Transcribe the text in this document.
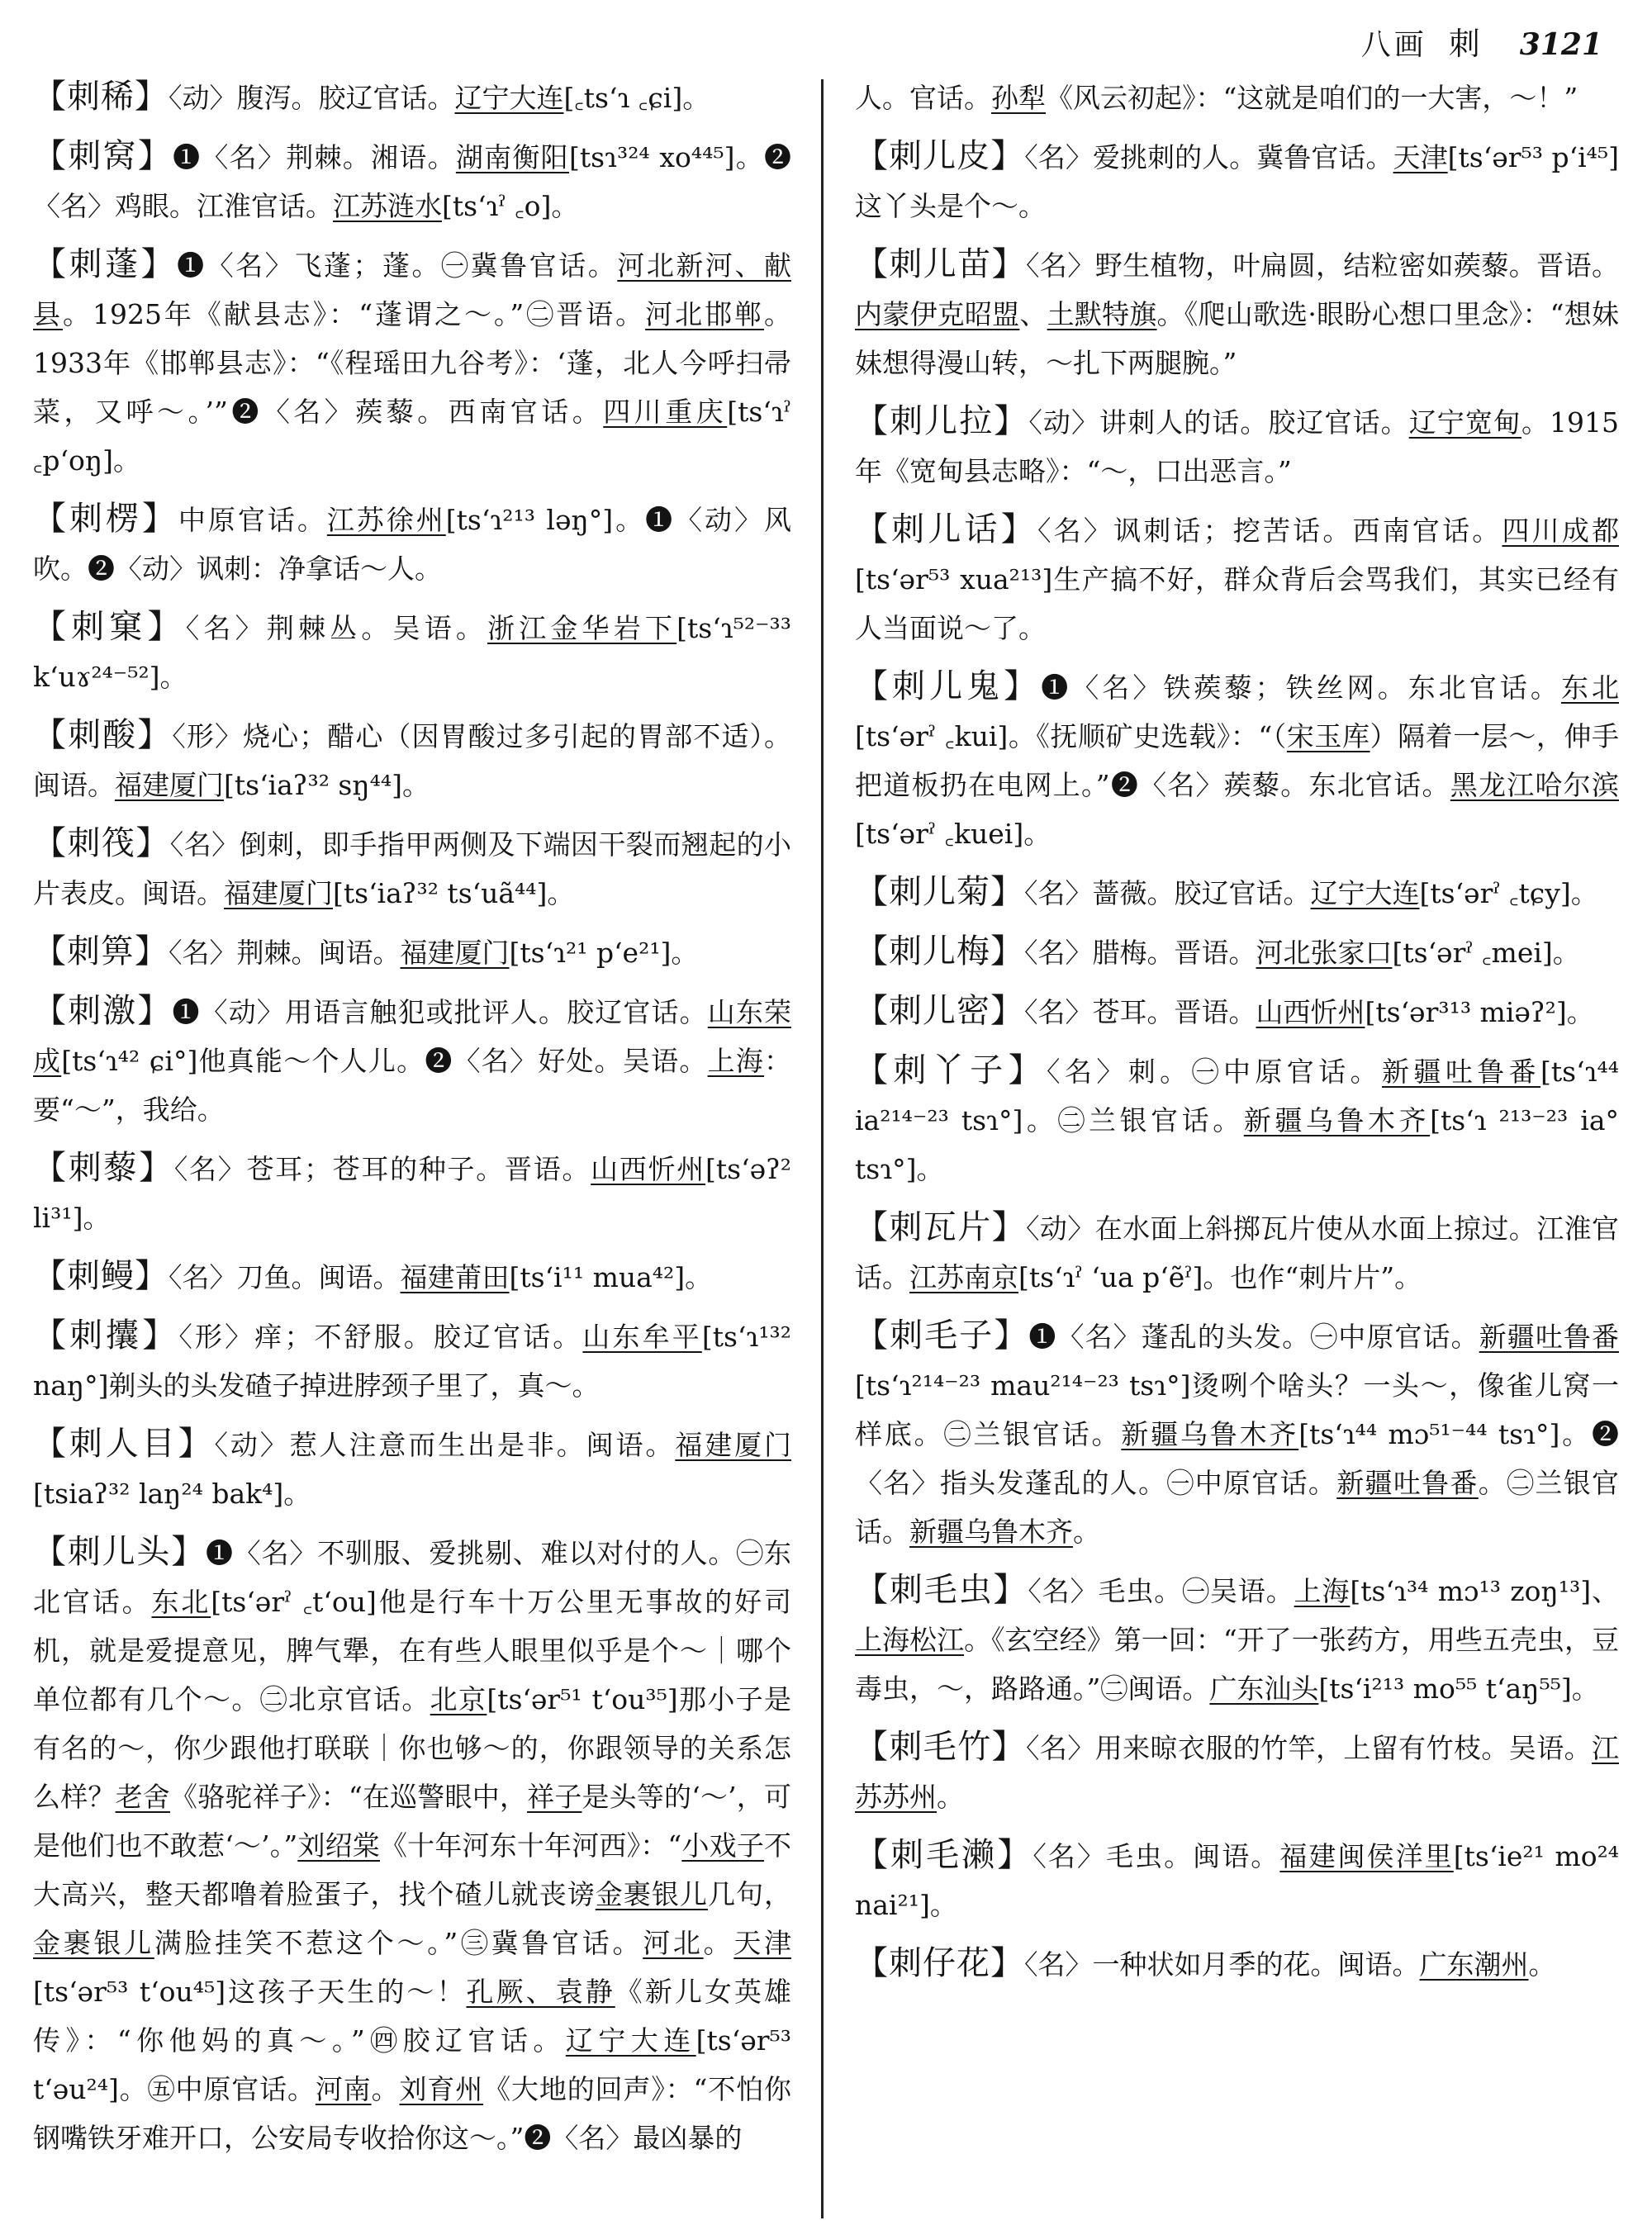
八画 刺 3121
【刺稀】〈动〉腹泻。胶辽官话。辽宁大连[꜀tsʻɿ ꜀ɕi]。
【刺窝】❶〈名〉荆棘。湘语。湖南衡阳[tsɿ³²⁴ xo⁴⁴⁵]。❷〈名〉鸡眼。江淮官话。江苏涟水[tsʻɿˀ ꜀o]。
【刺蓬】❶〈名〉飞蓬；蓬。㊀冀鲁官话。河北新河、献县。1925年《献县志》：“蓬谓之～。”㊁晋语。河北邯郸。1933年《邯郸县志》：“《程瑶田九谷考》：‘蓬，北人今呼扫帚菜，又呼～。’”❷〈名〉蒺藜。西南官话。四川重庆[tsʻɿˀ ꜀pʻoŋ]。
【刺楞】中原官话。江苏徐州[tsʻɿ²¹³ ləŋ°]。❶〈动〉风吹。❷〈动〉讽刺：净拿话～人。
【刺窠】〈名〉荆棘丛。吴语。浙江金华岩下[tsʻɿ⁵²⁻³³ kʻuɤ²⁴⁻⁵²]。
【刺酸】〈形〉烧心；醋心（因胃酸过多引起的胃部不适）。闽语。福建厦门[tsʻiaʔ³² sŋ⁴⁴]。
【刺筏】〈名〉倒刺，即手指甲两侧及下端因干裂而翘起的小片表皮。闽语。福建厦门[tsʻiaʔ³² tsʻuã⁴⁴]。
【刺箅】〈名〉荆棘。闽语。福建厦门[tsʻɿ²¹ pʻe²¹]。
【刺激】❶〈动〉用语言触犯或批评人。胶辽官话。山东荣成[tsʻɿ⁴² ɕi°]他真能～个人儿。❷〈名〉好处。吴语。上海：要“～”，我给。
【刺藜】〈名〉苍耳；苍耳的种子。晋语。山西忻州[tsʻəʔ² li³¹]。
【刺鳗】〈名〉刀鱼。闽语。福建莆田[tsʻi¹¹ mua⁴²]。
【刺攮】〈形〉痒；不舒服。胶辽官话。山东牟平[tsʻɿ¹³² naŋ°]剃头的头发碴子掉进脖颈子里了，真～。
【刺人目】〈动〉惹人注意而生出是非。闽语。福建厦门[tsiaʔ³² laŋ²⁴ bak⁴]。
【刺儿头】❶〈名〉不驯服、爱挑剔、难以对付的人。㊀东北官话。东北[tsʻərˀ ꜀tʻou]他是行车十万公里无事故的好司机，就是爱提意见，脾气犟，在有些人眼里似乎是个～｜哪个单位都有几个～。㊁北京官话。北京[tsʻər⁵¹ tʻou³⁵]那小子是有名的～，你少跟他打联联｜你也够～的，你跟领导的关系怎么样？老舍《骆驼祥子》：“在巡警眼中，祥子是头等的‘～’，可是他们也不敢惹‘～’。”刘绍棠《十年河东十年河西》：“小戏子不大高兴，整天都噜着脸蛋子，找个碴儿就丧谤金裹银儿几句，金裹银儿满脸挂笑不惹这个～。”㊂冀鲁官话。河北。天津[tsʻər⁵³ tʻou⁴⁵]这孩子天生的～！孔厥、袁静《新儿女英雄传》：“你他妈的真～。”㊃胶辽官话。辽宁大连[tsʻər⁵³ tʻəu²⁴]。㊄中原官话。河南。刘育州《大地的回声》：“不怕你钢嘴铁牙难开口，公安局专收拾你这～。”❷〈名〉最凶暴的
人。官话。孙犁《风云初起》：“这就是咱们的一大害，～！”
【刺儿皮】〈名〉爱挑刺的人。冀鲁官话。天津[tsʻər⁵³ pʻi⁴⁵]这丫头是个～。
【刺儿苗】〈名〉野生植物，叶扁圆，结粒密如蒺藜。晋语。内蒙伊克昭盟、土默特旗。《爬山歌选·眼盼心想口里念》：“想妹妹想得漫山转，～扎下两腿腕。”
【刺儿拉】〈动〉讲刺人的话。胶辽官话。辽宁宽甸。1915年《宽甸县志略》：“～，口出恶言。”
【刺儿话】〈名〉讽刺话；挖苦话。西南官话。四川成都[tsʻər⁵³ xua²¹³]生产搞不好，群众背后会骂我们，其实已经有人当面说～了。
【刺儿鬼】❶〈名〉铁蒺藜；铁丝网。东北官话。东北[tsʻərˀ ꜀kui]。《抚顺矿史选载》：“（宋玉库）隔着一层～，伸手把道板扔在电网上。”❷〈名〉蒺藜。东北官话。黑龙江哈尔滨[tsʻərˀ ꜀kuei]。
【刺儿菊】〈名〉蔷薇。胶辽官话。辽宁大连[tsʻərˀ ꜀tɕy]。
【刺儿梅】〈名〉腊梅。晋语。河北张家口[tsʻərˀ ꜀mei]。
【刺儿密】〈名〉苍耳。晋语。山西忻州[tsʻər³¹³ miəʔ²]。
【刺丫子】〈名〉刺。㊀中原官话。新疆吐鲁番[tsʻɿ⁴⁴ ia²¹⁴⁻²³ tsɿ°]。㊁兰银官话。新疆乌鲁木齐[tsʻɿ ²¹³⁻²³ ia° tsɿ°]。
【刺瓦片】〈动〉在水面上斜掷瓦片使从水面上掠过。江淮官话。江苏南京[tsʻɿˀ ʻua pʻẽˀ]。也作“刺片片”。
【刺毛子】❶〈名〉蓬乱的头发。㊀中原官话。新疆吐鲁番[tsʻɿ²¹⁴⁻²³ mau²¹⁴⁻²³ tsɿ°]烫咧个啥头？一头～，像雀儿窝一样底。㊁兰银官话。新疆乌鲁木齐[tsʻɿ⁴⁴ mɔ⁵¹⁻⁴⁴ tsɿ°]。❷〈名〉指头发蓬乱的人。㊀中原官话。新疆吐鲁番。㊁兰银官话。新疆乌鲁木齐。
【刺毛虫】〈名〉毛虫。㊀吴语。上海[tsʻɿ³⁴ mɔ¹³ zoŋ¹³]、上海松江。《玄空经》第一回：“开了一张药方，用些五壳虫，豆毒虫，～，路路通。”㊁闽语。广东汕头[tsʻi²¹³ mo⁵⁵ tʻaŋ⁵⁵]。
【刺毛竹】〈名〉用来晾衣服的竹竿，上留有竹枝。吴语。江苏苏州。
【刺毛濑】〈名〉毛虫。闽语。福建闽侯洋里[tsʻie²¹ mo²⁴ nai²¹]。
【刺仔花】〈名〉一种状如月季的花。闽语。广东潮州。
